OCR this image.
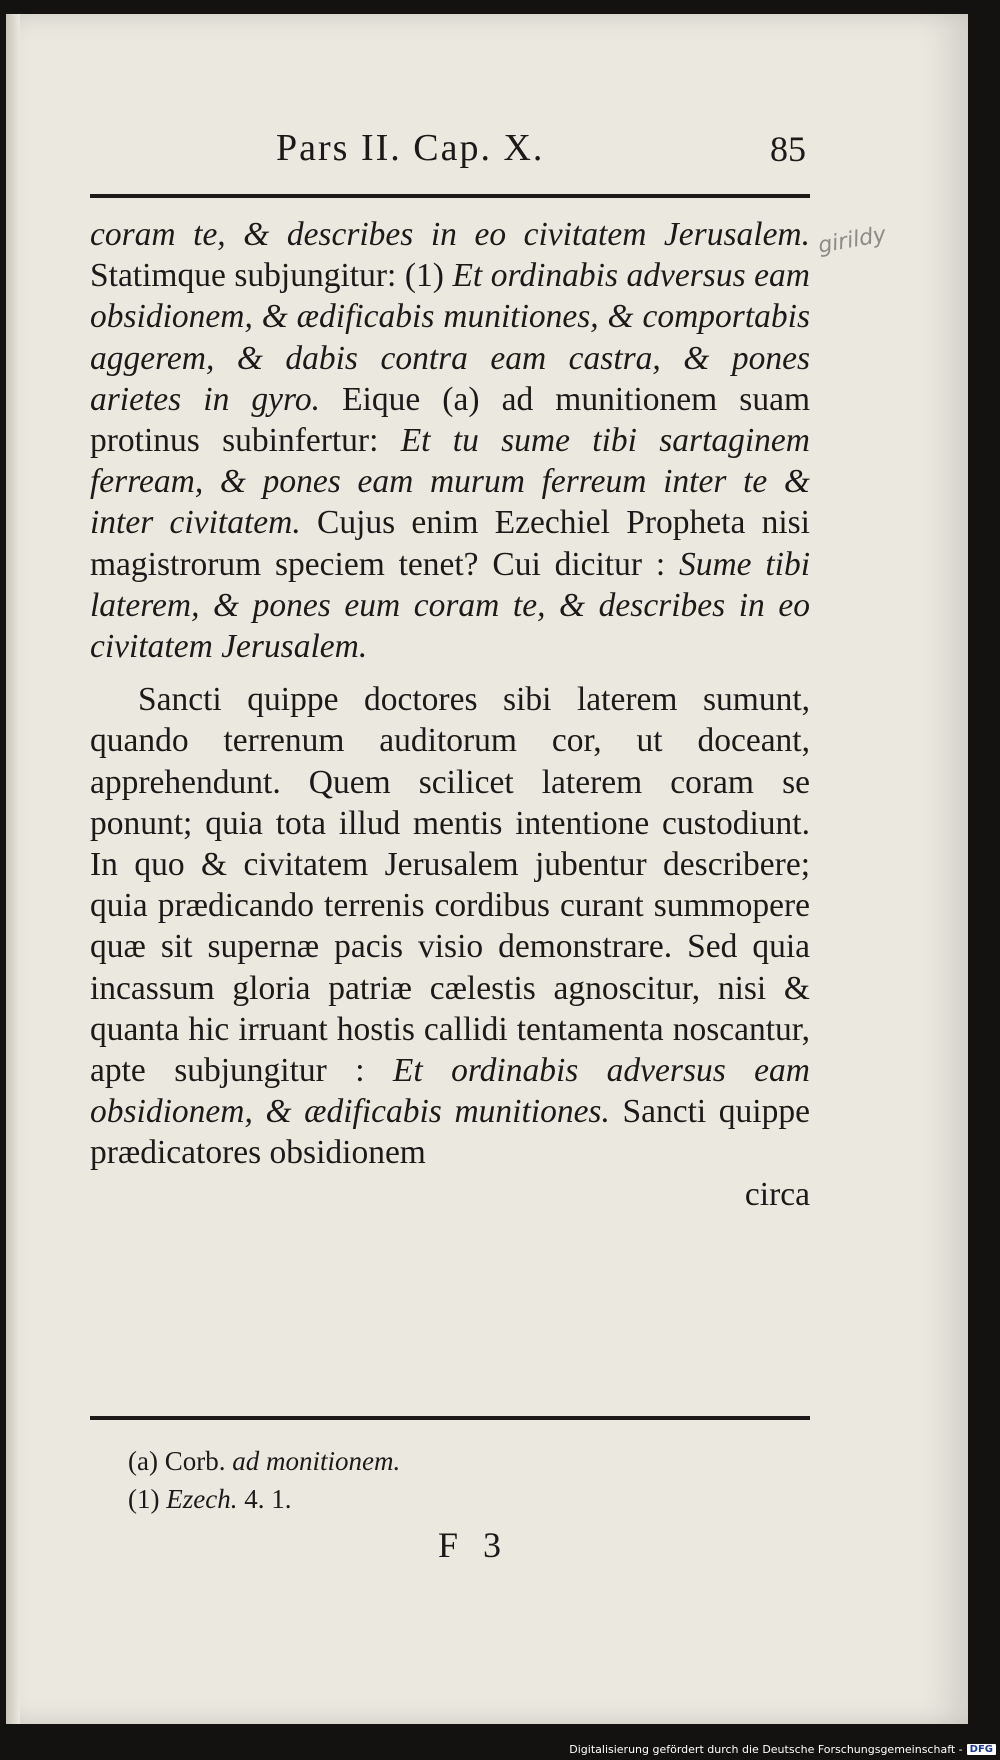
Pars II. Cap. X.	85
girildy

coram te, & describes in eo civitatem Jerusalem. Statimque subjungitur: (1) Et ordinabis adversus eam obsidionem, & ædificabis munitiones, & comportabis aggerem, & dabis contra eam castra, & pones arietes in gyro. Eique (a) ad munitionem suam protinus subinfertur: Et tu sume tibi sartaginem ferream, & pones eam murum ferreum inter te & inter civitatem. Cujus enim Ezechiel Propheta nisi magistrorum speciem tenet? Cui dicitur : Sume tibi laterem, & pones eum coram te, & describes in eo civitatem Jerusalem.

Sancti quippe doctores sibi laterem sumunt, quando terrenum auditorum cor, ut doceant, apprehendunt. Quem scilicet laterem coram se ponunt; quia tota illud mentis intentione custodiunt. In quo & civitatem Jerusalem jubentur describere; quia prædicando terrenis cordibus curant summopere quæ sit supernæ pacis visio demonstrare. Sed quia incassum gloria patriæ cælestis agnoscitur, nisi & quanta hic irruant hostis callidi tentamenta noscantur, apte subjungitur : Et ordinabis adversus eam obsidionem, & ædificabis munitiones. Sancti quippe prædicatores obsidionem

circa
(a) Corb. ad monitionem.
(1) Ezech. 4. 1.
F 3
Digitalisierung gefördert durch die Deutsche Forschungsgemeinschaft - DFG
